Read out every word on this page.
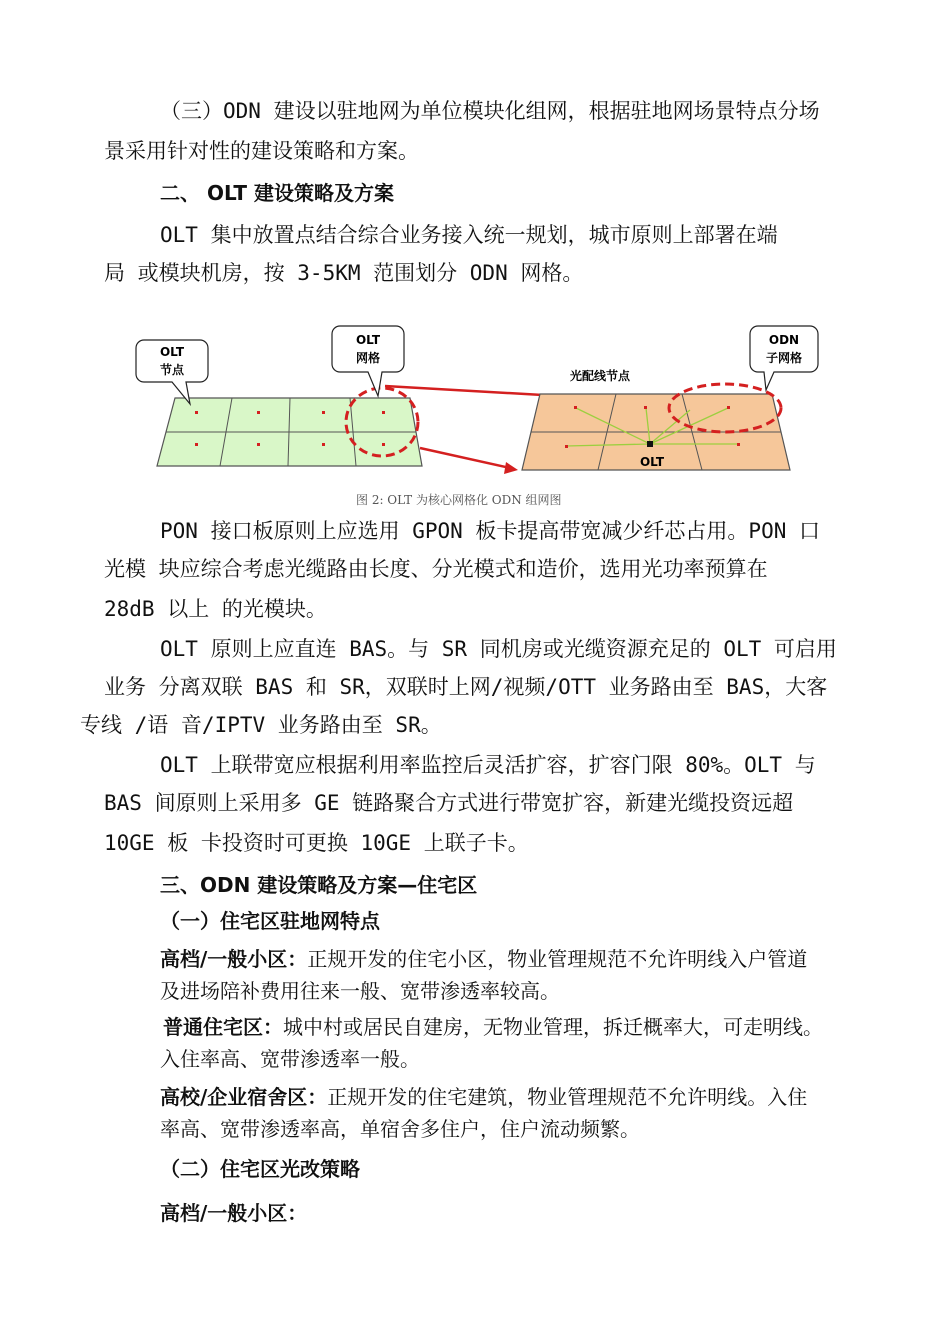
（三）ODN 建设以驻地网为单位模块化组网，根据驻地网场景特点分场
景采用针对性的建设策略和方案。
二、 OLT 建设策略及方案
OLT 集中放置点结合综合业务接入统一规划，城市原则上部署在端
局 或模块机房，按 3-5KM 范围划分 ODN 网格。
OLT
节点
OLT
网格
OLT
光配线节点
ODN
子网格
图 2: OLT 为核心网格化 ODN 组网图
PON 接口板原则上应选用 GPON 板卡提高带宽减少纤芯占用。PON 口
光模 块应综合考虑光缆路由长度、分光模式和造价，选用光功率预算在
28dB 以上 的光模块。
OLT 原则上应直连 BAS。与 SR 同机房或光缆资源充足的 OLT 可启用
业务 分离双联 BAS 和 SR，双联时上网/视频/OTT 业务路由至 BAS，大客
专线 /语 音/IPTV 业务路由至 SR。
OLT 上联带宽应根据利用率监控后灵活扩容，扩容门限 80%。OLT 与
BAS 间原则上采用多 GE 链路聚合方式进行带宽扩容，新建光缆投资远超
10GE 板 卡投资时可更换 10GE 上联子卡。
三、ODN 建设策略及方案—住宅区
（一）住宅区驻地网特点
高档/一般小区：正规开发的住宅小区，物业管理规范不允许明线入户管道
及进场陪补费用往来一般、宽带渗透率较高。
普通住宅区：城中村或居民自建房，无物业管理，拆迁概率大，可走明线。
入住率高、宽带渗透率一般。
高校/企业宿舍区：正规开发的住宅建筑，物业管理规范不允许明线。入住
率高、宽带渗透率高，单宿舍多住户，住户流动频繁。
（二）住宅区光改策略
高档/一般小区：
